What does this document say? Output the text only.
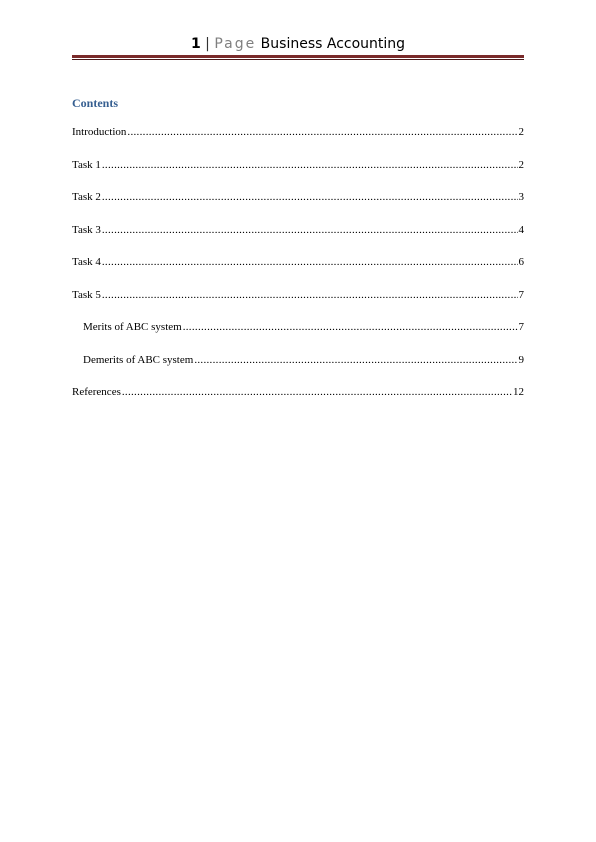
1 | Page Business Accounting
Contents
Introduction .....	2
Task 1 .....	2
Task 2 .....	3
Task 3 .....	4
Task 4 .....	6
Task 5 .....	7
Merits of ABC system .....	7
Demerits of ABC system .....	9
References .....	12
